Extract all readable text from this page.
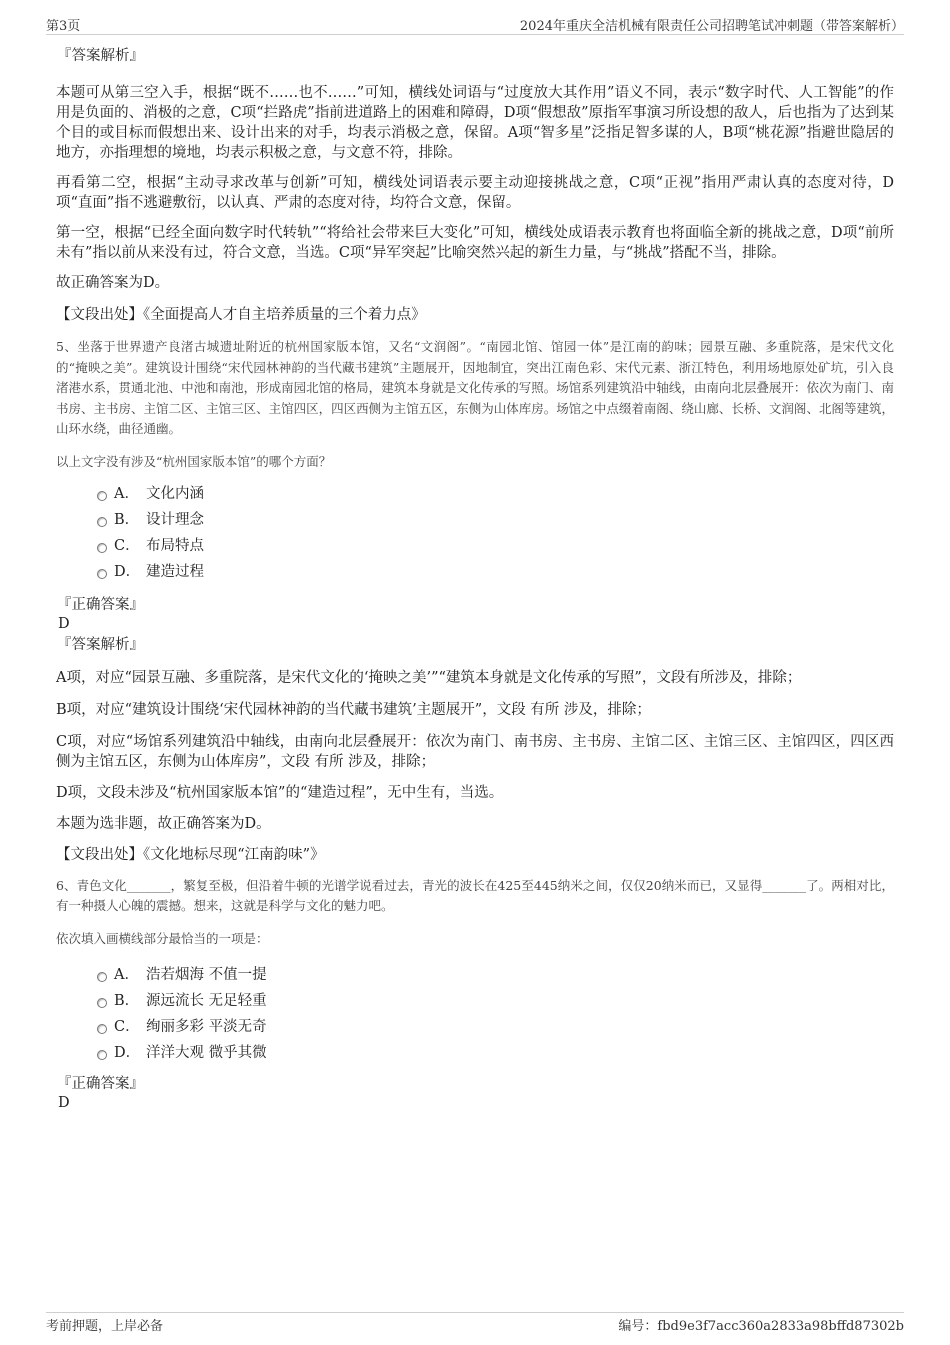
第3页	2024年重庆全洁机械有限责任公司招聘笔试冲刺题（带答案解析）
『答案解析』

本题可从第三空入手，根据“既不……也不……”可知，横线处词语与“过度放大其作用”语义不同，表示“数字时代、人工智能”的作用是负面的、消极的之意，C项“拦路虎”指前进道路上的困难和障碍，D项“假想敌”原指军事演习所设想的敌人，后也指为了达到某个目的或目标而假想出来、设计出来的对手，均表示消极之意，保留。A项“智多星”泛指足智多谋的人，B项“桃花源”指避世隐居的地方，亦指理想的境地，均表示积极之意，与文意不符，排除。

再看第二空，根据“主动寻求改革与创新”可知，横线处词语表示要主动迎接挑战之意，C项“正视”指用严肃认真的态度对待，D项“直面”指不逃避敷衍，以认真、严肃的态度对待，均符合文意，保留。

第一空，根据“已经全面向数字时代转轨”“将给社会带来巨大变化”可知，横线处成语表示教育也将面临全新的挑战之意，D项“前所未有”指以前从来没有过，符合文意，当选。C项“异军突起”比喻突然兴起的新生力量，与“挑战”搭配不当，排除。

故正确答案为D。

【文段出处】《全面提高人才自主培养质量的三个着力点》

5、坐落于世界遗产良渚古城遗址附近的杭州国家版本馆，又名“文润阁”。“南园北馆、馆园一体”是江南的韵味；园景互融、多重院落，是宋代文化的“掩映之美”。建筑设计围绕“宋代园林神韵的当代藏书建筑”主题展开，因地制宜，突出江南色彩、宋代元素、浙江特色，利用场地原处矿坑，引入良渚港水系，贯通北池、中池和南池，形成南园北馆的格局，建筑本身就是文化传承的写照。场馆系列建筑沿中轴线，由南向北层叠展开：依次为南门、南书房、主书房、主馆二区、主馆三区、主馆四区，四区西侧为主馆五区，东侧为山体库房。场馆之中点缀着南阁、绕山廊、长桥、文润阁、北阁等建筑，山环水绕，曲径通幽。

以上文字没有涉及“杭州国家版本馆”的哪个方面？

A． 文化内涵
B． 设计理念
C． 布局特点
D． 建造过程
『正确答案』
D
『答案解析』

A项，对应“园景互融、多重院落，是宋代文化的‘掩映之美’”“建筑本身就是文化传承的写照”，文段有所涉及，排除；

B项，对应“建筑设计围绕‘宋代园林神韵的当代藏书建筑’主题展开”，文段 有所 涉及，排除；

C项，对应“场馆系列建筑沿中轴线，由南向北层叠展开：依次为南门、南书房、主书房、主馆二区、主馆三区、主馆四区，四区西侧为主馆五区，东侧为山体库房”，文段 有所 涉及，排除；

D项，文段未涉及“杭州国家版本馆”的“建造过程”，无中生有，当选。

本题为选非题，故正确答案为D。

【文段出处】《文化地标尽现“江南韵味”》

6、青色文化_______，繁复至极，但沿着牛顿的光谱学说看过去，青光的波长在425至445纳米之间，仅仅20纳米而已，又显得_______了。两相对比，有一种摄人心魄的震撼。想来，这就是科学与文化的魅力吧。

依次填入画横线部分最恰当的一项是：

A． 浩若烟海 不值一提
B． 源远流长 无足轻重
C． 绚丽多彩 平淡无奇
D． 洋洋大观 微乎其微
『正确答案』
D
考前押题，上岸必备	编号：fbd9e3f7acc360a2833a98bffd87302b
